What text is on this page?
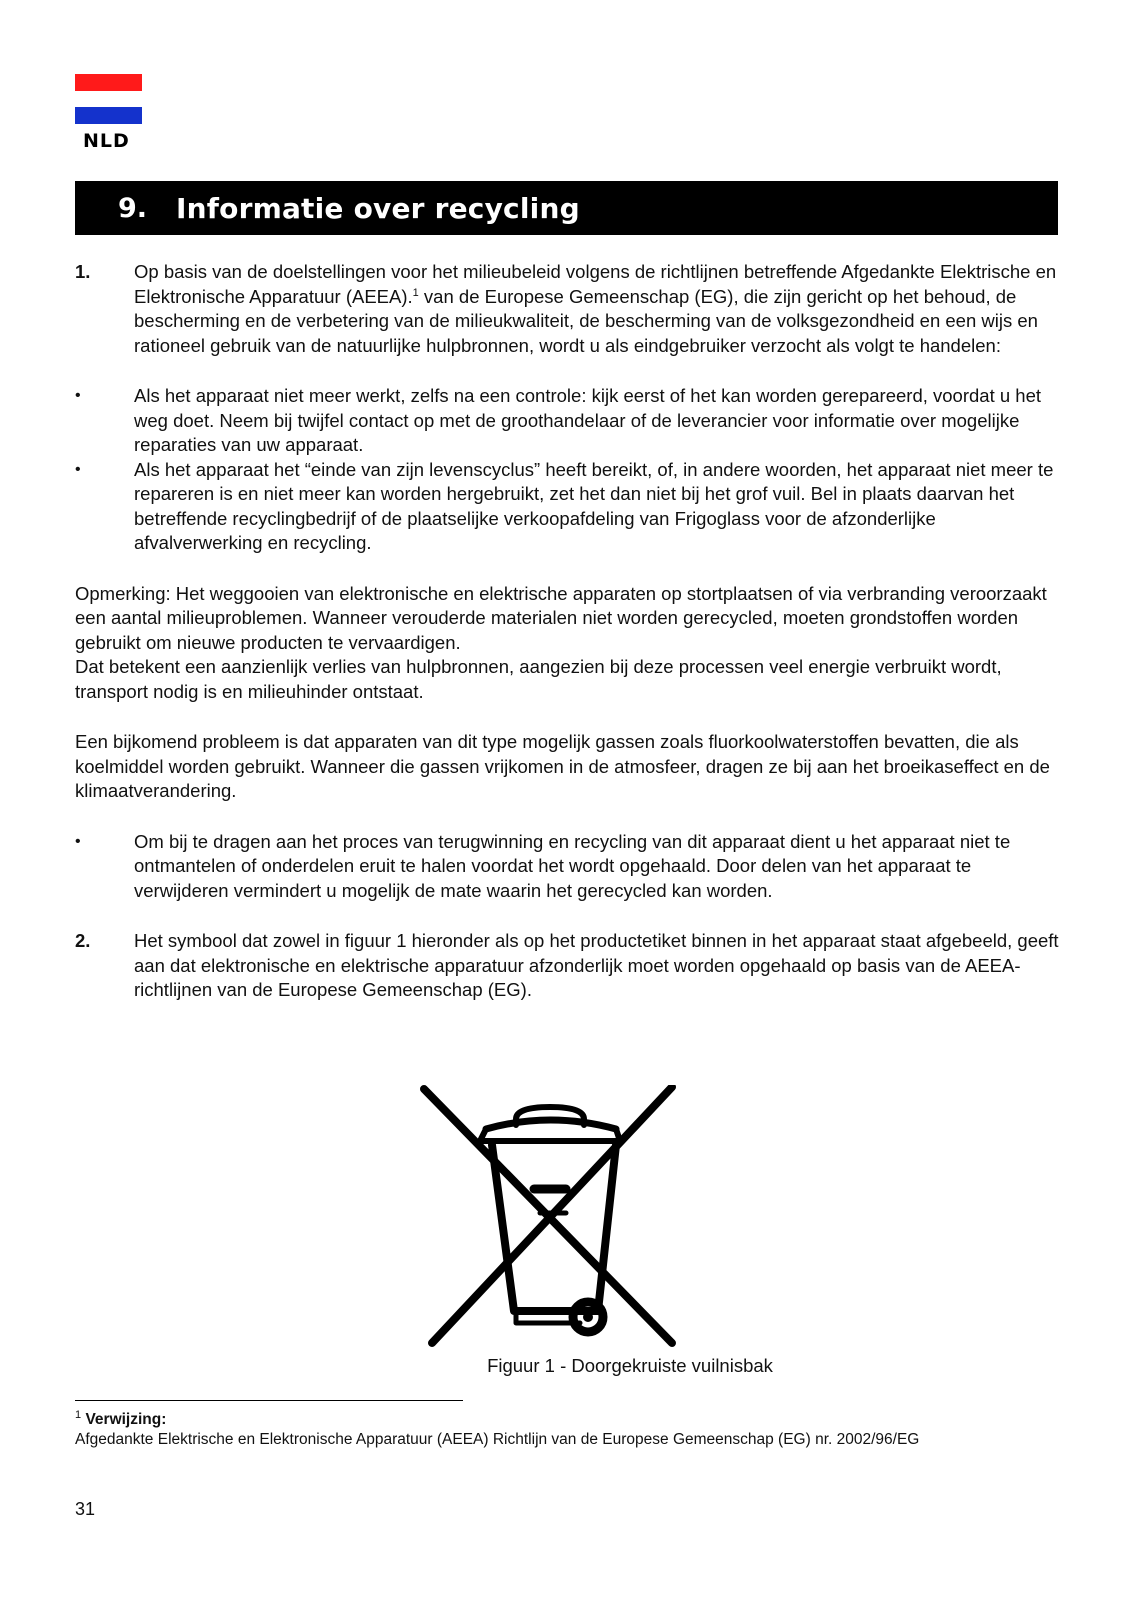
NLD
9.	Informatie over recycling
1.	Op basis van de doelstellingen voor het milieubeleid volgens de richtlijnen betreffende Afgedankte Elektrische en Elektronische Apparatuur (AEEA).$^1$ van de Europese Gemeenschap (EG), die zijn gericht op het behoud, de bescherming en de verbetering van de milieukwaliteit, de bescherming van de volksgezondheid en een wijs en rationeel gebruik van de natuurlijke hulpbronnen, wordt u als eindgebruiker verzocht als volgt te handelen:
•	Als het apparaat niet meer werkt, zelfs na een controle: kijk eerst of het kan worden gerepareerd, voordat u het weg doet. Neem bij twijfel contact op met de groothandelaar of de leverancier voor informatie over mogelijke reparaties van uw apparaat.
•	Als het apparaat het “einde van zijn levenscyclus” heeft bereikt, of, in andere woorden, het apparaat niet meer te repareren is en niet meer kan worden hergebruikt, zet het dan niet bij het grof vuil. Bel in plaats daarvan het betreffende recyclingbedrijf of de plaatselijke verkoopafdeling van Frigoglass voor de afzonderlijke afvalverwerking en recycling.

Opmerking: Het weggooien van elektronische en elektrische apparaten op stortplaatsen of via verbranding veroorzaakt een aantal milieuproblemen. Wanneer verouderde materialen niet worden gerecycled, moeten grondstoffen worden gebruikt om nieuwe producten te vervaardigen.

Dat betekent een aanzienlijk verlies van hulpbronnen, aangezien bij deze processen veel energie verbruikt wordt, transport nodig is en milieuhinder ontstaat.

Een bijkomend probleem is dat apparaten van dit type mogelijk gassen zoals fluorkoolwaterstoffen bevatten, die als koelmiddel worden gebruikt. Wanneer die gassen vrijkomen in de atmosfeer, dragen ze bij aan het broeikaseffect en de klimaatverandering.

•	Om bij te dragen aan het proces van terugwinning en recycling van dit apparaat dient u het apparaat niet te ontmantelen of onderdelen eruit te halen voordat het wordt opgehaald. Door delen van het apparaat te verwijderen vermindert u mogelijk de mate waarin het gerecycled kan worden.
2.	Het symbool dat zowel in figuur 1 hieronder als op het productetiket binnen in het apparaat staat afgebeeld, geeft aan dat elektronische en elektrische apparatuur afzonderlijk moet worden opgehaald op basis van de AEEA-richtlijnen van de Europese Gemeenschap (EG).
Figuur 1 - Doorgekruiste vuilnisbak
$^1$ Verwijzing:
Afgedankte Elektrische en Elektronische Apparatuur (AEEA) Richtlijn van de Europese Gemeenschap (EG) nr. 2002/96/EG
31
